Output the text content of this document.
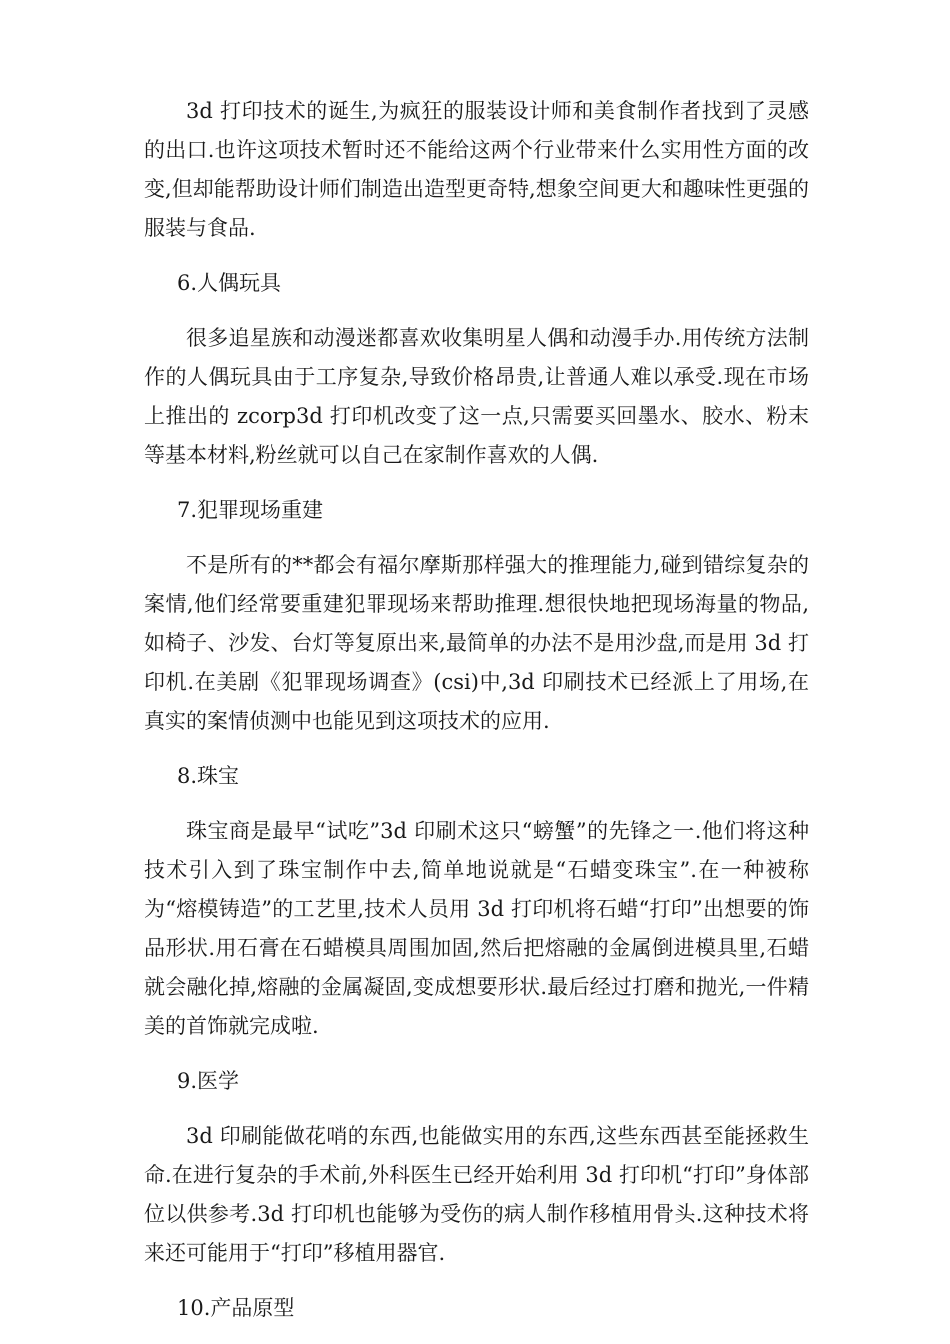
3d 打印技术的诞生,为疯狂的服装设计师和美食制作者找到了灵感的出口.也许这项技术暂时还不能给这两个行业带来什么实用性方面的改变,但却能帮助设计师们制造出造型更奇特,想象空间更大和趣味性更强的服装与食品.

6.人偶玩具

很多追星族和动漫迷都喜欢收集明星人偶和动漫手办.用传统方法制作的人偶玩具由于工序复杂,导致价格昂贵,让普通人难以承受.现在市场上推出的 zcorp3d 打印机改变了这一点,只需要买回墨水、胶水、粉末等基本材料,粉丝就可以自己在家制作喜欢的人偶.

7.犯罪现场重建

不是所有的**都会有福尔摩斯那样强大的推理能力,碰到错综复杂的案情,他们经常要重建犯罪现场来帮助推理.想很快地把现场海量的物品,如椅子、沙发、台灯等复原出来,最简单的办法不是用沙盘,而是用 3d 打印机.在美剧《犯罪现场调查》(csi)中,3d 印刷技术已经派上了用场,在真实的案情侦测中也能见到这项技术的应用.

8.珠宝

珠宝商是最早“试吃”3d 印刷术这只“螃蟹”的先锋之一.他们将这种技术引入到了珠宝制作中去,简单地说就是“石蜡变珠宝”.在一种被称为“熔模铸造”的工艺里,技术人员用 3d 打印机将石蜡“打印”出想要的饰品形状.用石膏在石蜡模具周围加固,然后把熔融的金属倒进模具里,石蜡就会融化掉,熔融的金属凝固,变成想要形状.最后经过打磨和抛光,一件精美的首饰就完成啦.

9.医学

3d 印刷能做花哨的东西,也能做实用的东西,这些东西甚至能拯救生命.在进行复杂的手术前,外科医生已经开始利用 3d 打印机“打印”身体部位以供参考.3d 打印机也能够为受伤的病人制作移植用骨头.这种技术将来还可能用于“打印”移植用器官.

10.产品原型
